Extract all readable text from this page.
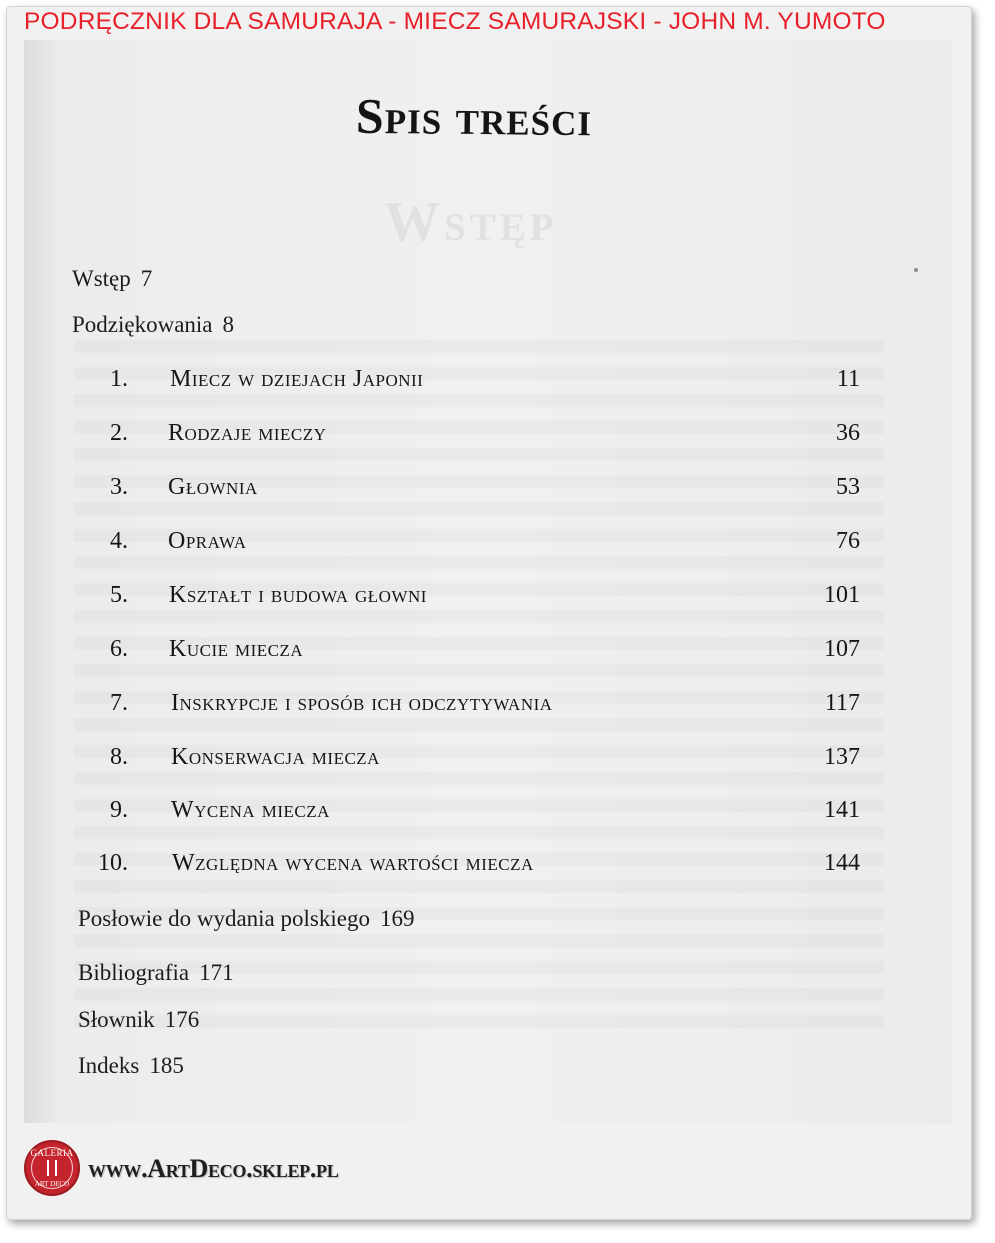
PODRĘCZNIK DLA SAMURAJA - MIECZ SAMURAJSKI - JOHN M. YUMOTO
Wstęp
Spis treści
Wstęp 7
Podziękowania 8
1. Miecz w dziejach Japonii	11
2. Rodzaje mieczy	36
3. Głownia	53
4. Oprawa	76
5. Kształt i budowa głowni	101
6. Kucie miecza	107
7. Inskrypcje i sposób ich odczytywania	117
8. Konserwacja miecza	137
9. Wycena miecza	141
10. Względna wycena wartości miecza	144
Posłowie do wydania polskiego 169
Bibliografia 171
Słownik 176
Indeks 185
GALERIA
ART DECO
www.ArtDeco.sklep.pl
